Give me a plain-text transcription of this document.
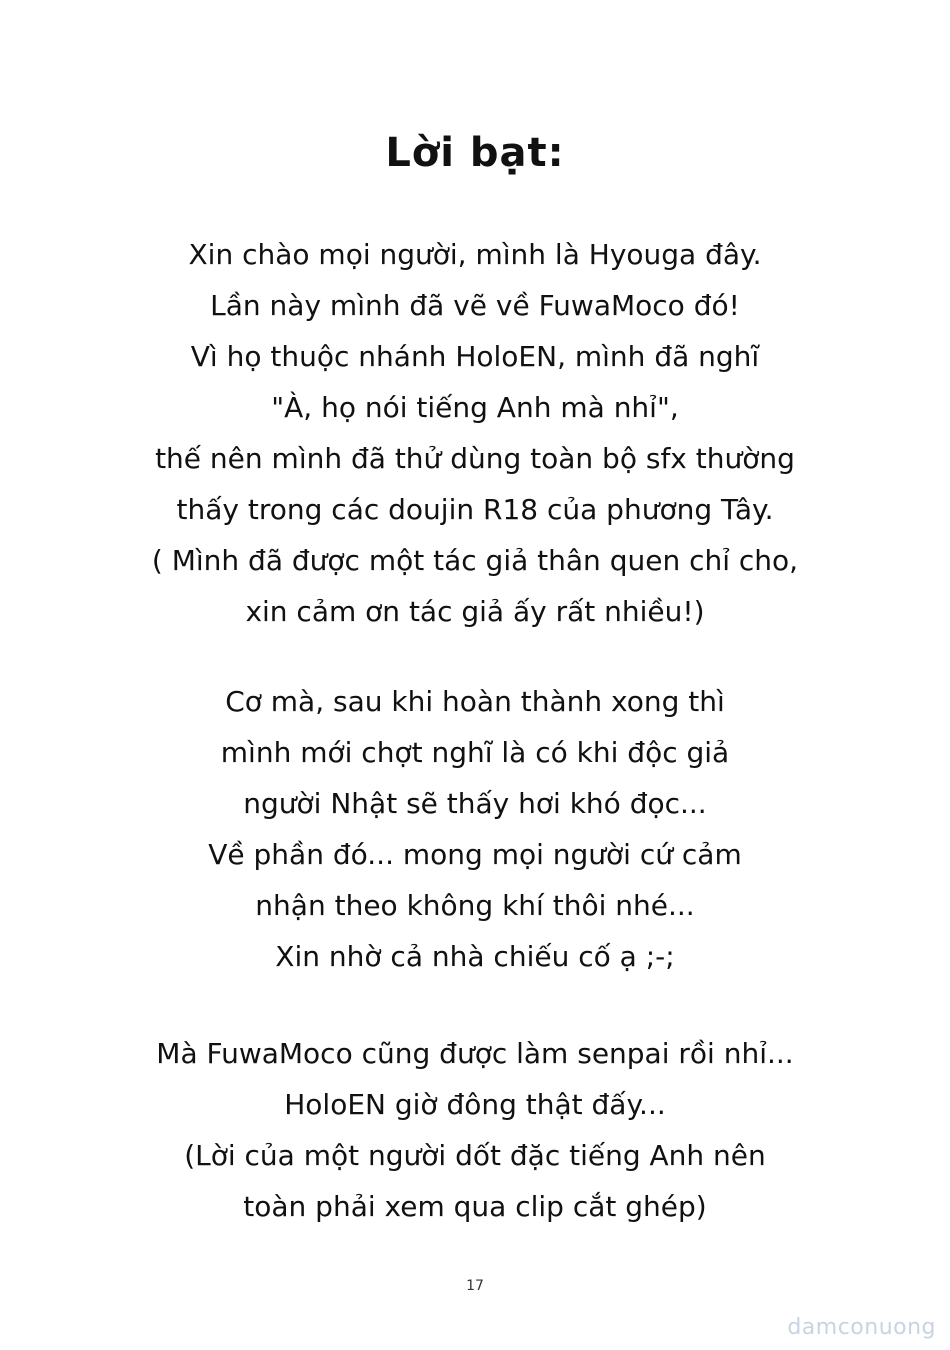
Lời bạt:
Xin chào mọi người, mình là Hyouga đây.
Lần này mình đã vẽ về FuwaMoco đó!
Vì họ thuộc nhánh HoloEN, mình đã nghĩ
"À, họ nói tiếng Anh mà nhỉ",
thế nên mình đã thử dùng toàn bộ sfx thường
thấy trong các doujin R18 của phương Tây.
( Mình đã được một tác giả thân quen chỉ cho,
xin cảm ơn tác giả ấy rất nhiều!)
Cơ mà, sau khi hoàn thành xong thì
mình mới chợt nghĩ là có khi độc giả
người Nhật sẽ thấy hơi khó đọc...
Về phần đó... mong mọi người cứ cảm
nhận theo không khí thôi nhé...
Xin nhờ cả nhà chiếu cố ạ ;-;
Mà FuwaMoco cũng được làm senpai rồi nhỉ...
HoloEN giờ đông thật đấy...
(Lời của một người dốt đặc tiếng Anh nên
toàn phải xem qua clip cắt ghép)
17
damconuong
